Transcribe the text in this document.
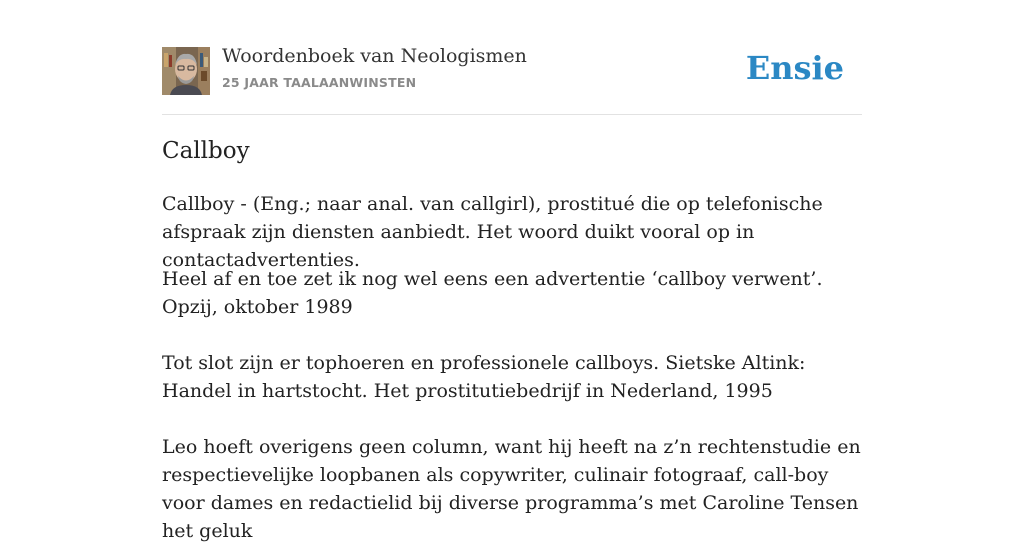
Woordenboek van Neologismen
25 JAAR TAALAANWINSTEN	Ensie
Callboy

Callboy - (Eng.; naar anal. van callgirl), prostitué die op telefonische afspraak zijn diensten aanbiedt. Het woord duikt vooral op in contactadvertenties.

Heel af en toe zet ik nog wel eens een advertentie ‘callboy verwent’. Opzij, oktober 1989

Tot slot zijn er tophoeren en professionele callboys. Sietske Altink: Handel in hartstocht. Het prostitutiebedrijf in Nederland, 1995

Leo hoeft overigens geen column, want hij heeft na z’n rechtenstudie en respectievelijke loopbanen als copywriter, culinair fotograaf, call-boy voor dames en redactielid bij diverse programma’s met Caroline Tensen het geluk
